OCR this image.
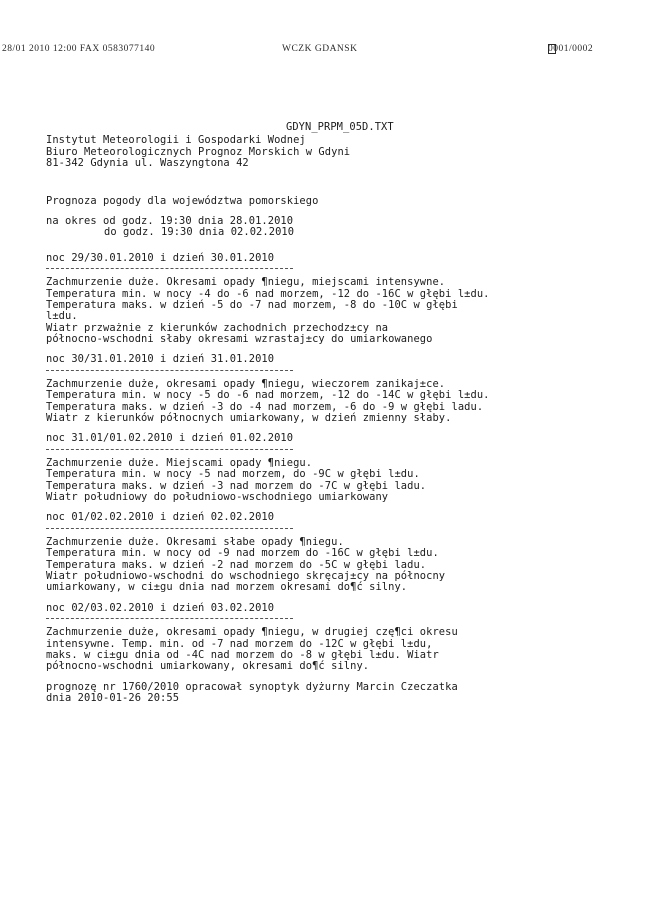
28/01 2010 12:00 FAX 0583077140	WCZK GDANSK	0001/0002
GDYN_PRPM_05D.TXT
Instytut Meteorologii i Gospodarki Wodnej
Biuro Meteorologicznych Prognoz Morskich w Gdyni
81-342 Gdynia ul. Waszyngtona 42
Prognoza pogody dla województwa pomorskiego
na okres od godz. 19:30 dnia 28.01.2010
do godz. 19:30 dnia 02.02.2010
noc 29/30.01.2010 i dzień 30.01.2010
Zachmurzenie duże. Okresami opady ¶niegu, miejscami intensywne.
Temperatura min. w nocy -4 do -6 nad morzem, -12 do -16C w głębi l±du.
Temperatura maks. w dzień -5 do -7 nad morzem, -8 do -10C w głębi
l±du.
Wiatr przważnie z kierunków zachodnich przechodz±cy na
północno-wschodni słaby okresami wzrastaj±cy do umiarkowanego
noc 30/31.01.2010 i dzień 31.01.2010
Zachmurzenie duże, okresami opady ¶niegu, wieczorem zanikaj±ce.
Temperatura min. w nocy -5 do -6 nad morzem, -12 do -14C w głębi l±du.
Temperatura maks. w dzień -3 do -4 nad morzem, -6 do -9 w głębi ladu.
Wiatr z kierunków północnych umiarkowany, w dzień zmienny słaby.
noc 31.01/01.02.2010 i dzień 01.02.2010
Zachmurzenie duże. Miejscami opady ¶niegu.
Temperatura min. w nocy -5 nad morzem, do -9C w głębi l±du.
Temperatura maks. w dzień -3 nad morzem do -7C w głębi ladu.
Wiatr południowy do południowo-wschodniego umiarkowany
noc 01/02.02.2010 i dzień 02.02.2010
Zachmurzenie duże. Okresami słabe opady ¶niegu.
Temperatura min. w nocy od -9 nad morzem do -16C w głębi l±du.
Temperatura maks. w dzień -2 nad morzem do -5C w głębi ladu.
Wiatr południowo-wschodni do wschodniego skręcaj±cy na północny
umiarkowany, w ci±gu dnia nad morzem okresami do¶ć silny.
noc 02/03.02.2010 i dzień 03.02.2010
Zachmurzenie duże, okresami opady ¶niegu, w drugiej czę¶ci okresu
intensywne. Temp. min. od -7 nad morzem do -12C w głębi l±du,
maks. w ci±gu dnia od -4C nad morzem do -8 w głębi l±du. Wiatr
północno-wschodni umiarkowany, okresami do¶ć silny.
prognozę nr 1760/2010 opracował synoptyk dyżurny Marcin Czeczatka
dnia 2010-01-26 20:55
